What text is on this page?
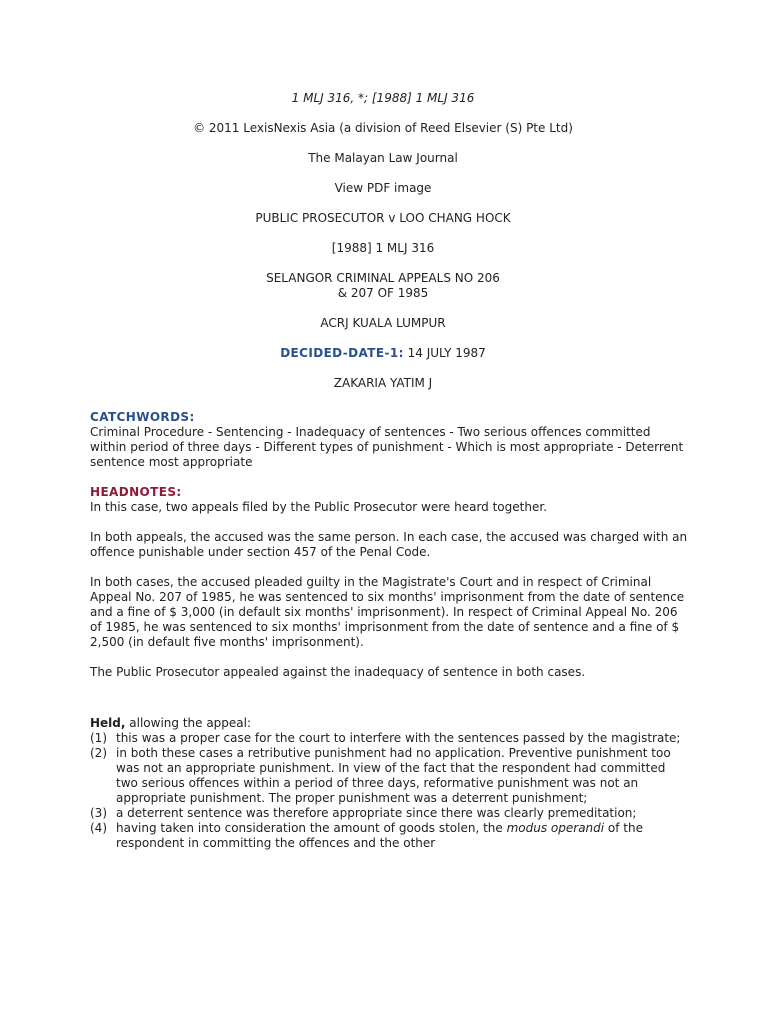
1 MLJ 316, *; [1988] 1 MLJ 316
© 2011 LexisNexis Asia (a division of Reed Elsevier (S) Pte Ltd)
The Malayan Law Journal
View PDF image
PUBLIC PROSECUTOR v LOO CHANG HOCK
[1988] 1 MLJ 316
SELANGOR CRIMINAL APPEALS NO 206
& 207 OF 1985
ACRJ KUALA LUMPUR
DECIDED-DATE-1: 14 JULY 1987
ZAKARIA YATIM J
CATCHWORDS:
Criminal Procedure - Sentencing - Inadequacy of sentences - Two serious offences committed within period of three days - Different types of punishment - Which is most appropriate - Deterrent sentence most appropriate
HEADNOTES:
In this case, two appeals filed by the Public Prosecutor were heard together.
In both appeals, the accused was the same person. In each case, the accused was charged with an offence punishable under section 457 of the Penal Code.
In both cases, the accused pleaded guilty in the Magistrate's Court and in respect of Criminal Appeal No. 207 of 1985, he was sentenced to six months' imprisonment from the date of sentence and a fine of $ 3,000 (in default six months' imprisonment). In respect of Criminal Appeal No. 206 of 1985, he was sentenced to six months' imprisonment from the date of sentence and a fine of $ 2,500 (in default five months' imprisonment).
The Public Prosecutor appealed against the inadequacy of sentence in both cases.
Held, allowing the appeal:
(1) this was a proper case for the court to interfere with the sentences passed by the magistrate;
(2) in both these cases a retributive punishment had no application. Preventive punishment too was not an appropriate punishment. In view of the fact that the respondent had committed two serious offences within a period of three days, reformative punishment was not an appropriate punishment. The proper punishment was a deterrent punishment;
(3) a deterrent sentence was therefore appropriate since there was clearly premeditation;
(4) having taken into consideration the amount of goods stolen, the modus operandi of the respondent in committing the offences and the other
